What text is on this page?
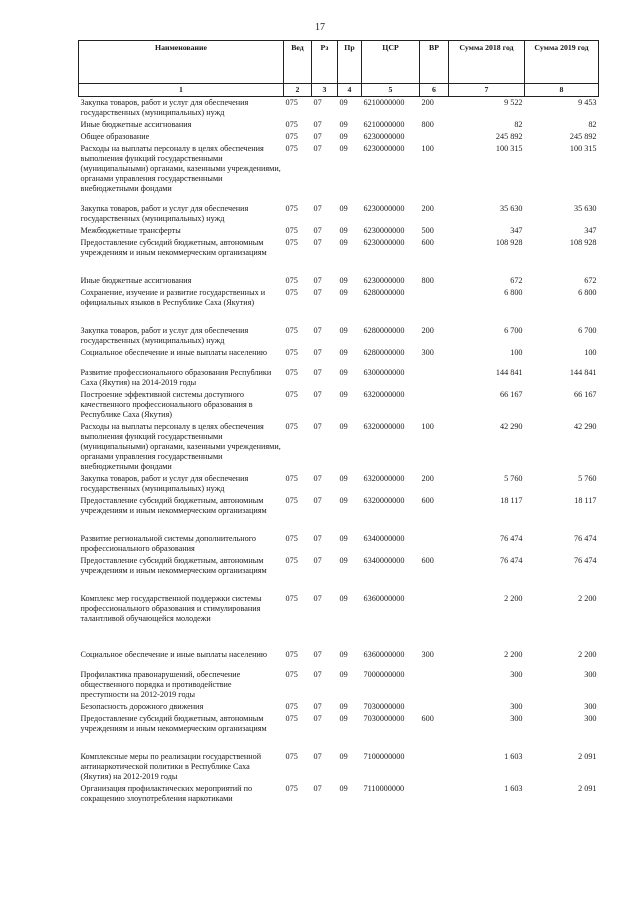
17
Наименование	Вед	Рз	Пр	ЦСР	ВР	Сумма 2018 год	Сумма 2019 год
1	2	3	4	5	6	7	8
Закупка товаров, работ и услуг для обеспечения государственных (муниципальных) нужд	075	07	09	6210000000	200	9 522	9 453
Иные бюджетные ассигнования	075	07	09	6210000000	800	82	82
Общее образование	075	07	09	6230000000		245 892	245 892
Расходы на выплаты персоналу в целях обеспечения выполнения функций государственными (муниципальными) органами, казенными учреждениями, органами управления государственными внебюджетными фондами	075	07	09	6230000000	100	100 315	100 315

Закупка товаров, работ и услуг для обеспечения государственных (муниципальных) нужд	075	07	09	6230000000	200	35 630	35 630
Межбюджетные трансферты	075	07	09	6230000000	500	347	347
Предоставление субсидий бюджетным, автономным учреждениям и иным некоммерческим организациям	075	07	09	6230000000	600	108 928	108 928

Иные бюджетные ассигнования	075	07	09	6230000000	800	672	672
Сохранение, изучение и развитие государственных и официальных языков в Республике Саха (Якутия)	075	07	09	6280000000		6 800	6 800

Закупка товаров, работ и услуг для обеспечения государственных (муниципальных) нужд	075	07	09	6280000000	200	6 700	6 700
Социальное обеспечение и иные выплаты населению	075	07	09	6280000000	300	100	100

Развитие профессионального образования Республики Саха (Якутия) на 2014-2019 годы	075	07	09	6300000000		144 841	144 841
Построение эффективной системы доступного качественного профессионального образования в Республике Саха (Якутия)	075	07	09	6320000000		66 167	66 167
Расходы на выплаты персоналу в целях обеспечения выполнения функций государственными (муниципальными) органами, казенными учреждениями, органами управления государственными внебюджетными фондами	075	07	09	6320000000	100	42 290	42 290
Закупка товаров, работ и услуг для обеспечения государственных (муниципальных) нужд	075	07	09	6320000000	200	5 760	5 760
Предоставление субсидий бюджетным, автономным учреждениям и иным некоммерческим организациям	075	07	09	6320000000	600	18 117	18 117

Развитие региональной системы дополнительного профессионального образования	075	07	09	6340000000		76 474	76 474
Предоставление субсидий бюджетным, автономным учреждениям и иным некоммерческим организациям	075	07	09	6340000000	600	76 474	76 474

Комплекс мер государственной поддержки системы профессионального образования и стимулирования талантливой обучающейся молодежи	075	07	09	6360000000		2 200	2 200

Социальное обеспечение и иные выплаты населению	075	07	09	6360000000	300	2 200	2 200

Профилактика правонарушений, обеспечение общественного порядка и противодействие преступности на 2012-2019 годы	075	07	09	7000000000		300	300
Безопасность дорожного движения	075	07	09	7030000000		300	300
Предоставление субсидий бюджетным, автономным учреждениям и иным некоммерческим организациям	075	07	09	7030000000	600	300	300

Комплексные меры по реализации государственной антинаркотической политики в Республике Саха (Якутия) на 2012-2019 годы	075	07	09	7100000000		1 603	2 091
Организация профилактических мероприятий по сокращению злоупотребления наркотиками	075	07	09	7110000000		1 603	2 091
